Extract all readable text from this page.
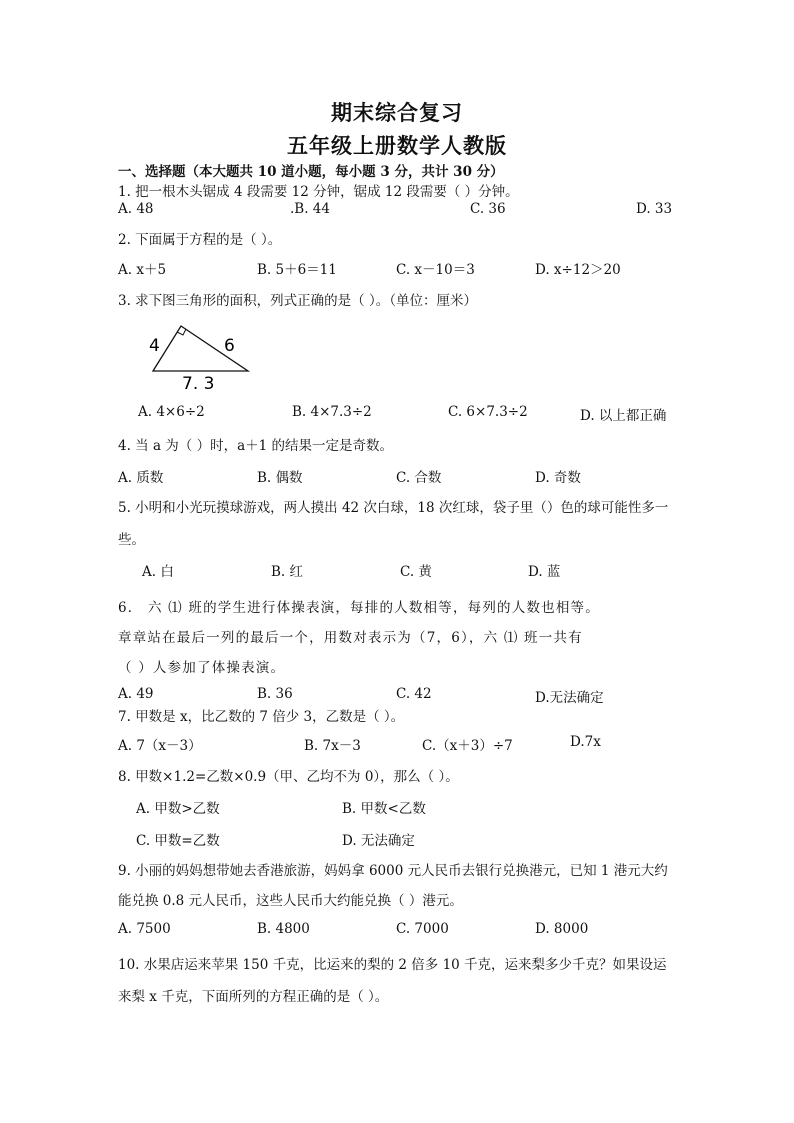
期末综合复习
五年级上册数学人教版
一、选择题（本大题共 10 道小题，每小题 3 分，共计 30 分）
1. 把一根木头锯成 4 段需要 12 分钟，锯成 12 段需要（ ）分钟。
A. 48	.B. 44	C. 36	D. 33
2. 下面属于方程的是（ ）。
A. x＋5	B. 5＋6＝11	C. x－10＝3	D. x÷12＞20
3. 求下图三角形的面积，列式正确的是（ ）。（单位：厘米）
4	6
7. 3
A. 4×6÷2	B. 4×7.3÷2	C. 6×7.3÷2	D. 以上都正确
4. 当 a 为（ ）时，a＋1 的结果一定是奇数。
A. 质数	B. 偶数	C. 合数	D. 奇数
5. 小明和小光玩摸球游戏，两人摸出 42 次白球，18 次红球，袋子里（）色的球可能性多一
些。
A. 白	B. 红	C. 黄	D. 蓝
6． 六 ⑴ 班的学生进行体操表演，每排的人数相等，每列的人数也相等。
章章站在最后一列的最后一个，用数对表示为（7，6），六 ⑴ 班一共有
（ ）人参加了体操表演。
A. 49	B. 36	C. 42	D.无法确定
7. 甲数是 x，比乙数的 7 倍少 3，乙数是（ ）。
A. 7（x－3）	B. 7x－3	C.（x＋3）÷7	D.7x
8. 甲数×1.2=乙数×0.9（甲、乙均不为 0），那么（ ）。
A. 甲数>乙数	B. 甲数<乙数
C. 甲数=乙数	D. 无法确定
9. 小丽的妈妈想带她去香港旅游，妈妈拿 6000 元人民币去银行兑换港元，已知 1 港元大约
能兑换 0.8 元人民币，这些人民币大约能兑换（ ）港元。
A. 7500	B. 4800	C. 7000	D. 8000
10. 水果店运来苹果 150 千克，比运来的梨的 2 倍多 10 千克，运来梨多少千克？如果设运
来梨 x 千克，下面所列的方程正确的是（ ）。
